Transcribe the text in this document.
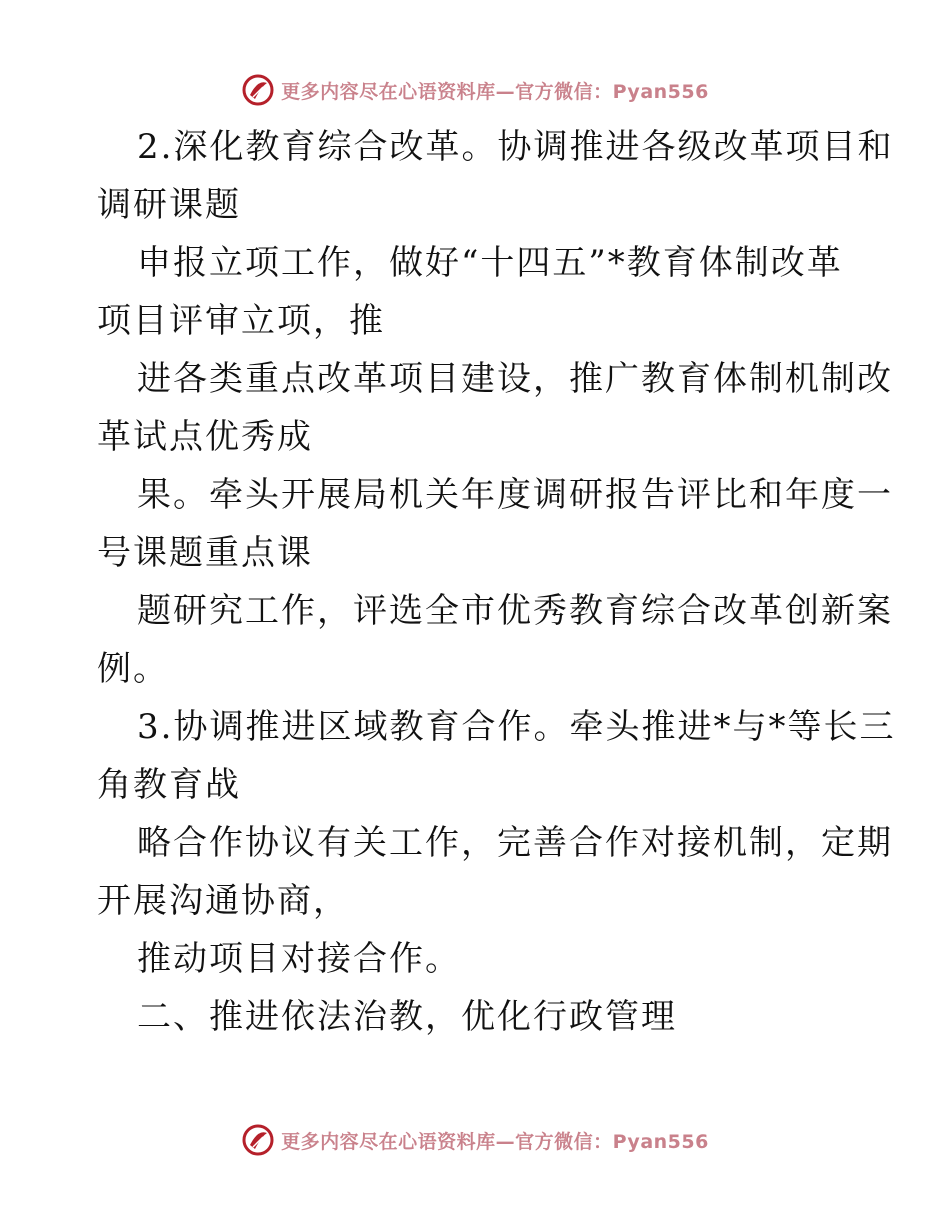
更多内容尽在心语资料库—官方微信：Pyan556
2.深化教育综合改革。协调推进各级改革项目和
调研课题
申报立项工作，做好“十四五”*教育体制改革
项目评审立项，推
进各类重点改革项目建设，推广教育体制机制改
革试点优秀成
果。牵头开展局机关年度调研报告评比和年度一
号课题重点课
题研究工作，评选全市优秀教育综合改革创新案
例。
3.协调推进区域教育合作。牵头推进*与*等长三
角教育战
略合作协议有关工作，完善合作对接机制，定期
开展沟通协商，
推动项目对接合作。
二、推进依法治教，优化行政管理
更多内容尽在心语资料库—官方微信：Pyan556
